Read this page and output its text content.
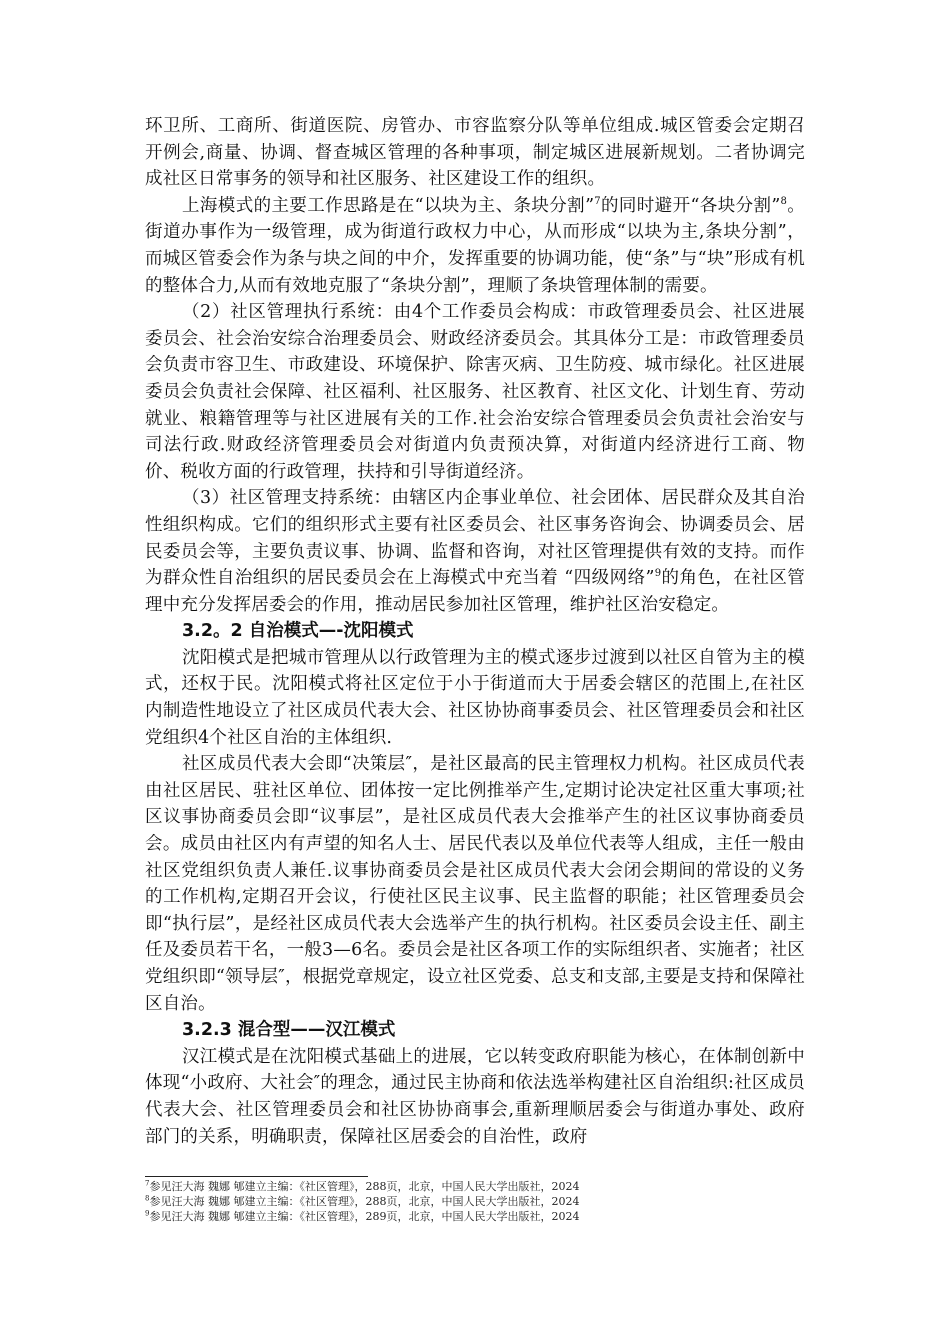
环卫所、工商所、街道医院、房管办、市容监察分队等单位组成.城区管委会定期召开例会,商量、协调、督查城区管理的各种事项，制定城区进展新规划。二者协调完成社区日常事务的领导和社区服务、社区建设工作的组织。

上海模式的主要工作思路是在“以块为主、条块分割”$^7$的同时避开“各块分割”$^8$。街道办事作为一级管理，成为街道行政权力中心，从而形成“以块为主,条块分割”，而城区管委会作为条与块之间的中介，发挥重要的协调功能，使“条”与“块”形成有机的整体合力,从而有效地克服了“条块分割”，理顺了条块管理体制的需要。

（2）社区管理执行系统：由4个工作委员会构成：市政管理委员会、社区进展委员会、社会治安综合治理委员会、财政经济委员会。其具体分工是：市政管理委员会负责市容卫生、市政建设、环境保护、除害灭病、卫生防疫、城市绿化。社区进展委员会负责社会保障、社区福利、社区服务、社区教育、社区文化、计划生育、劳动就业、粮籍管理等与社区进展有关的工作.社会治安综合管理委员会负责社会治安与司法行政.财政经济管理委员会对街道内负责预决算，对街道内经济进行工商、物价、税收方面的行政管理，扶持和引导街道经济。

（3）社区管理支持系统：由辖区内企事业单位、社会团体、居民群众及其自治性组织构成。它们的组织形式主要有社区委员会、社区事务咨询会、协调委员会、居民委员会等，主要负责议事、协调、监督和咨询，对社区管理提供有效的支持。而作为群众性自治组织的居民委员会在上海模式中充当着 “四级网络”$^9$的角色，在社区管理中充分发挥居委会的作用，推动居民参加社区管理，维护社区治安稳定。

3.2。2 自治模式—-沈阳模式

沈阳模式是把城市管理从以行政管理为主的模式逐步过渡到以社区自管为主的模式，还权于民。沈阳模式将社区定位于小于街道而大于居委会辖区的范围上,在社区内制造性地设立了社区成员代表大会、社区协协商事委员会、社区管理委员会和社区党组织4个社区自治的主体组织.

社区成员代表大会即“决策层″，是社区最高的民主管理权力机构。社区成员代表由社区居民、驻社区单位、团体按一定比例推举产生,定期讨论决定社区重大事项;社区议事协商委员会即“议事层”，是社区成员代表大会推举产生的社区议事协商委员会。成员由社区内有声望的知名人士、居民代表以及单位代表等人组成，主任一般由社区党组织负责人兼任.议事协商委员会是社区成员代表大会闭会期间的常设的义务的工作机构,定期召开会议，行使社区民主议事、民主监督的职能；社区管理委员会即“执行层”，是经社区成员代表大会选举产生的执行机构。社区委员会设主任、副主任及委员若干名，一般3—6名。委员会是社区各项工作的实际组织者、实施者；社区党组织即“领导层″，根据党章规定，设立社区党委、总支和支部,主要是支持和保障社区自治。

3.2.3 混合型——汉江模式

汉江模式是在沈阳模式基础上的进展，它以转变政府职能为核心，在体制创新中体现“小政府、大社会″的理念，通过民主协商和依法选举构建社区自治组织:社区成员代表大会、社区管理委员会和社区协协商事会,重新理顺居委会与街道办事处、政府部门的关系，明确职责，保障社区居委会的自治性，政府

$^7$参见汪大海 魏娜 郇建立主编：《社区管理》，288页，北京，中国人民大学出版社，2024

$^8$参见汪大海 魏娜 郇建立主编：《社区管理》，288页，北京，中国人民大学出版社，2024

$^9$参见汪大海 魏娜 郇建立主编：《社区管理》，289页，北京，中国人民大学出版社，2024
